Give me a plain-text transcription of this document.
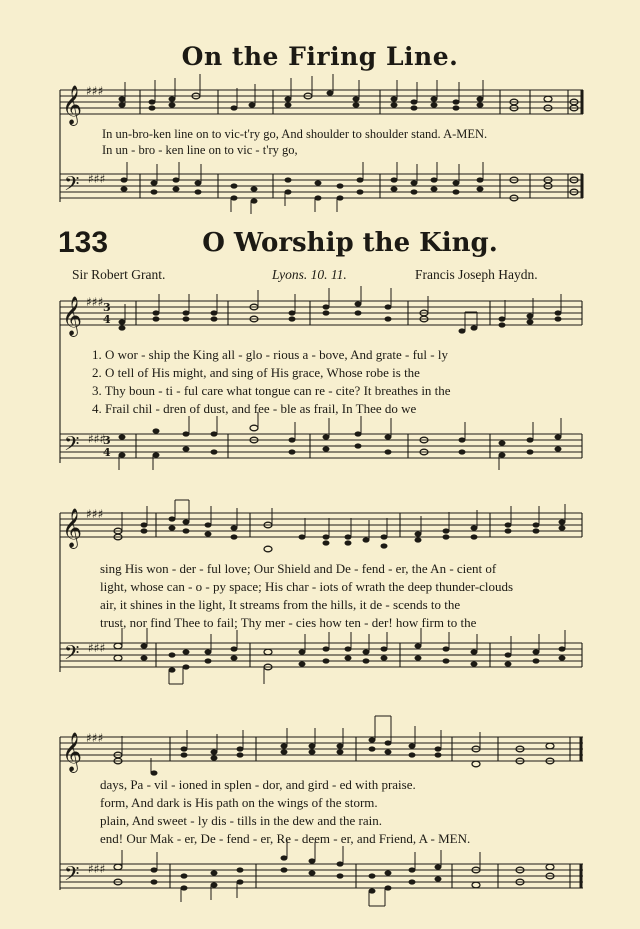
𝄞 ♯♯♯
𝄢 ♯♯♯
𝄞 ♯♯♯ 3
4
𝄢 ♯♯♯
3
4
𝄞 ♯♯♯
𝄢 ♯♯♯
𝄞 ♯♯♯
𝄢 ♯♯♯
On the Firing Line.
133	O Worship the King.
Sir Robert Grant.	Lyons. 10. 11.	Francis Joseph Haydn.
In un-bro-ken line on to vic-t'ry go, And shoulder to shoulder stand. A-MEN.
In un - bro - ken line on to vic - t'ry go,
1. O wor - ship the King all - glo - rious a - bove, And grate - ful - ly
2. O tell of His might, and sing of His grace, Whose robe is the
3. Thy boun - ti - ful care what tongue can re - cite? It breathes in the
4. Frail chil - dren of dust, and fee - ble as frail, In Thee do we
sing His won - der - ful love; Our Shield and De - fend - er, the An - cient of
light, whose can - o - py space; His char - iots of wrath the deep thunder-clouds
air, it shines in the light, It streams from the hills, it de - scends to the
trust, nor find Thee to fail; Thy mer - cies how ten - der! how firm to the
days, Pa - vil - ioned in splen - dor, and gird - ed with praise.
form, And dark is His path on the wings of the storm.
plain, And sweet - ly dis - tills in the dew and the rain.
end! Our Mak - er, De - fend - er, Re - deem - er, and Friend, A - MEN.
